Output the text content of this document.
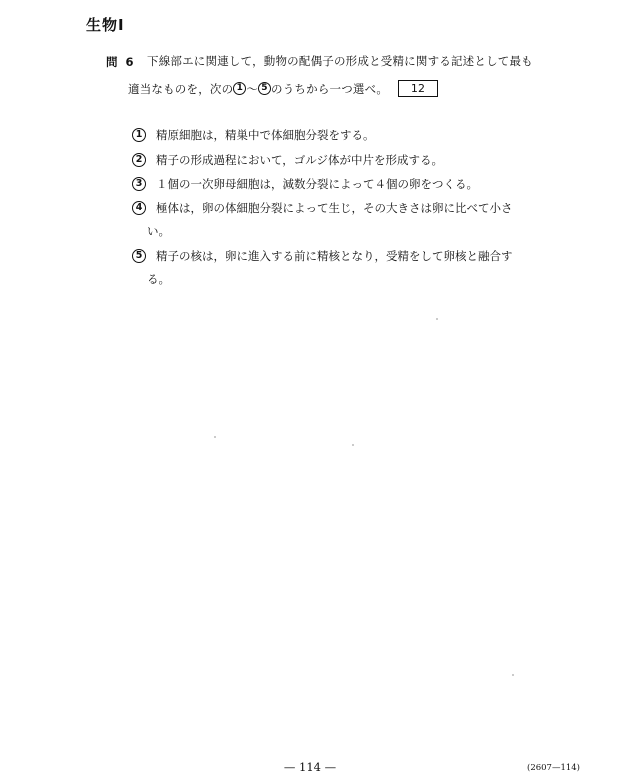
生物Ⅰ
問 6 下線部エに関連して，動物の配偶子の形成と受精に関する記述として最も
適当なものを，次の 1 ～ 5 のうちから一つ選べ。	12
1 精原細胞は，精巣中で体細胞分裂をする。
2 精子の形成過程において，ゴルジ体が中片を形成する。
3 １個の一次卵母細胞は，減数分裂によって４個の卵をつくる。
4 極体は，卵の体細胞分裂によって生じ，その大きさは卵に比べて小さ
い。
5 精子の核は，卵に進入する前に精核となり，受精をして卵核と融合す
る。
— 114 —	(2607—114)
